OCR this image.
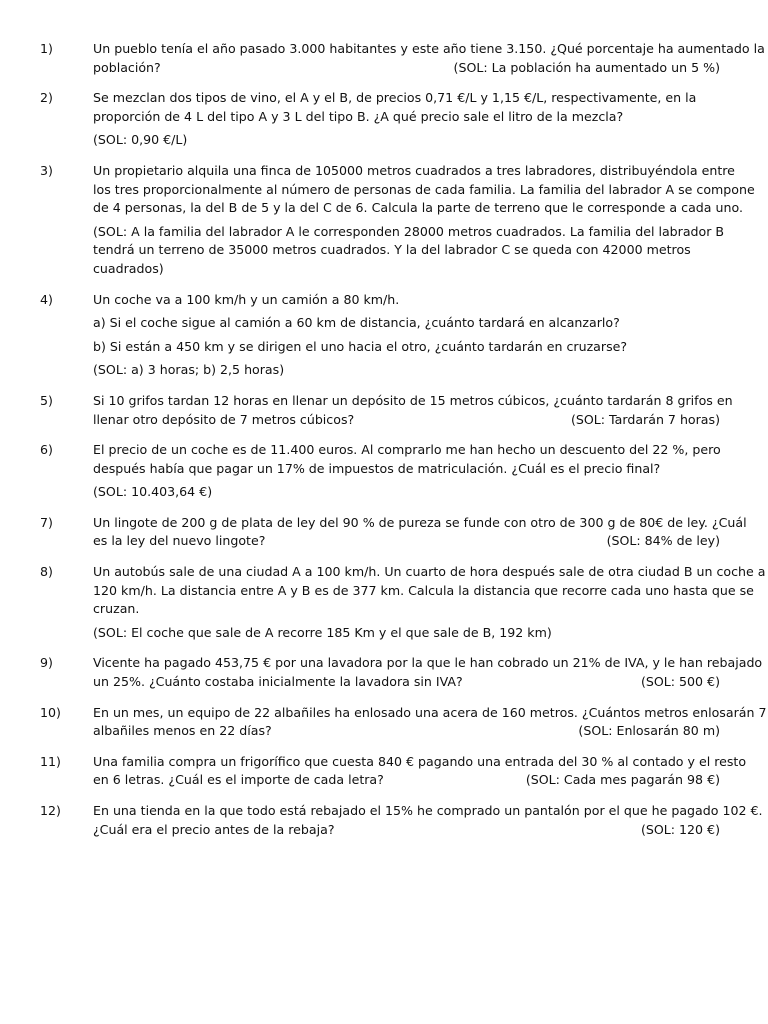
1)	Un pueblo tenía el año pasado 3.000 habitantes y este año tiene 3.150. ¿Qué porcentaje ha aumentado la
población?	(SOL: La población ha aumentado un 5 %)
2)	Se mezclan dos tipos de vino, el A y el B, de precios 0,71 €/L y 1,15 €/L, respectivamente, en la
proporción de 4 L del tipo A y 3 L del tipo B. ¿A qué precio sale el litro de la mezcla?
(SOL: 0,90 €/L)
3)	Un propietario alquila una finca de 105000 metros cuadrados a tres labradores, distribuyéndola entre
los tres proporcionalmente al número de personas de cada familia. La familia del labrador A se compone
de 4 personas, la del B de 5 y la del C de 6. Calcula la parte de terreno que le corresponde a cada uno.
(SOL: A la familia del labrador A le corresponden 28000 metros cuadrados. La familia del labrador B
tendrá un terreno de 35000 metros cuadrados. Y la del labrador C se queda con 42000 metros
cuadrados)
4)	Un coche va a 100 km/h y un camión a 80 km/h.
a) Si el coche sigue al camión a 60 km de distancia, ¿cuánto tardará en alcanzarlo?
b) Si están a 450 km y se dirigen el uno hacia el otro, ¿cuánto tardarán en cruzarse?
(SOL: a) 3 horas; b) 2,5 horas)
5)	Si 10 grifos tardan 12 horas en llenar un depósito de 15 metros cúbicos, ¿cuánto tardarán 8 grifos en
llenar otro depósito de 7 metros cúbicos?	(SOL: Tardarán 7 horas)
6)	El precio de un coche es de 11.400 euros. Al comprarlo me han hecho un descuento del 22 %, pero
después había que pagar un 17% de impuestos de matriculación. ¿Cuál es el precio final?
(SOL: 10.403,64 €)
7)	Un lingote de 200 g de plata de ley del 90 % de pureza se funde con otro de 300 g de 80€ de ley. ¿Cuál
es la ley del nuevo lingote?	(SOL: 84% de ley)
8)	Un autobús sale de una ciudad A a 100 km/h. Un cuarto de hora después sale de otra ciudad B un coche a
120 km/h. La distancia entre A y B es de 377 km. Calcula la distancia que recorre cada uno hasta que se
cruzan.
(SOL: El coche que sale de A recorre 185 Km y el que sale de B, 192 km)
9)	Vicente ha pagado 453,75 € por una lavadora por la que le han cobrado un 21% de IVA, y le han rebajado
un 25%. ¿Cuánto costaba inicialmente la lavadora sin IVA?	(SOL: 500 €)
10)	En un mes, un equipo de 22 albañiles ha enlosado una acera de 160 metros. ¿Cuántos metros enlosarán 7
albañiles menos en 22 días?	(SOL: Enlosarán 80 m)
11)	Una familia compra un frigorífico que cuesta 840 € pagando una entrada del 30 % al contado y el resto
en 6 letras. ¿Cuál es el importe de cada letra?	(SOL: Cada mes pagarán 98 €)
12)	En una tienda en la que todo está rebajado el 15% he comprado un pantalón por el que he pagado 102 €.
¿Cuál era el precio antes de la rebaja?	(SOL: 120 €)
